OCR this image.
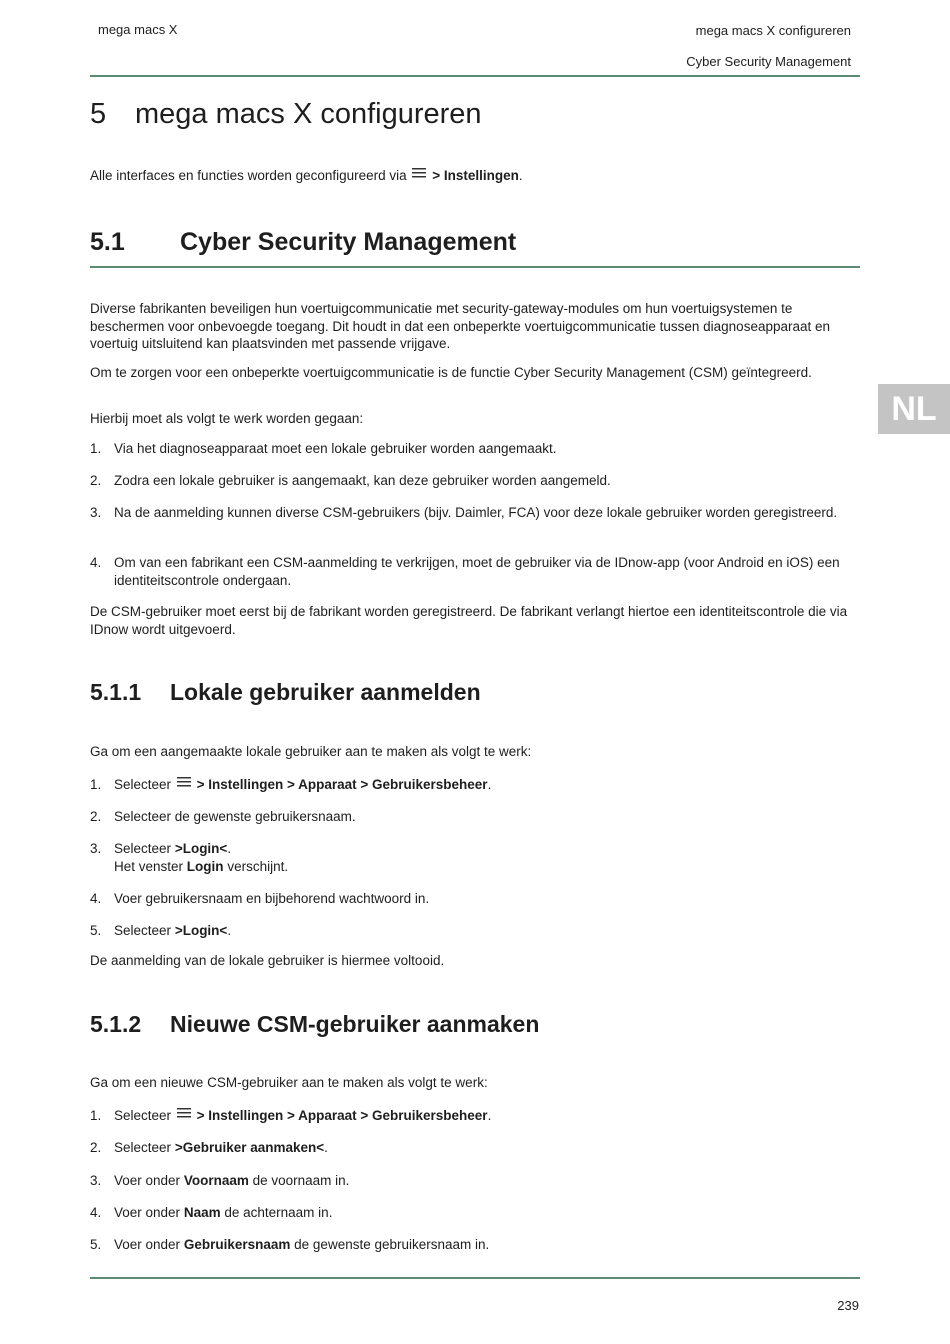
mega macs X	mega macs X configureren
Cyber Security Management
NL
5 mega macs X configureren

Alle interfaces en functies worden geconfigureerd via > Instellingen.

5.1 Cyber Security Management

Diverse fabrikanten beveiligen hun voertuigcommunicatie met security-gateway-modules om hun voertuigsystemen te beschermen voor onbevoegde toegang. Dit houdt in dat een onbeperkte voertuigcommunicatie tussen diagnoseapparaat en voertuig uitsluitend kan plaatsvinden met passende vrijgave.

Om te zorgen voor een onbeperkte voertuigcommunicatie is de functie Cyber Security Management (CSM) geïntegreerd.

Hierbij moet als volgt te werk worden gegaan:

1. Via het diagnoseapparaat moet een lokale gebruiker worden aangemaakt.
2. Zodra een lokale gebruiker is aangemaakt, kan deze gebruiker worden aangemeld.
3. Na de aanmelding kunnen diverse CSM-gebruikers (bijv. Daimler, FCA) voor deze lokale gebruiker worden geregistreerd.
4. Om van een fabrikant een CSM-aanmelding te verkrijgen, moet de gebruiker via de IDnow-app (voor Android en iOS) een identiteitscontrole ondergaan.

De CSM-gebruiker moet eerst bij de fabrikant worden geregistreerd. De fabrikant verlangt hiertoe een identiteitscontrole die via IDnow wordt uitgevoerd.

5.1.1 Lokale gebruiker aanmelden

Ga om een aangemaakte lokale gebruiker aan te maken als volgt te werk:

1. Selecteer > Instellingen > Apparaat > Gebruikersbeheer.
2. Selecteer de gewenste gebruikersnaam.
3. Selecteer >Login<.
Het venster Login verschijnt.
4. Voer gebruikersnaam en bijbehorend wachtwoord in.
5. Selecteer >Login<.

De aanmelding van de lokale gebruiker is hiermee voltooid.

5.1.2 Nieuwe CSM-gebruiker aanmaken

Ga om een nieuwe CSM-gebruiker aan te maken als volgt te werk:

1. Selecteer > Instellingen > Apparaat > Gebruikersbeheer.
2. Selecteer >Gebruiker aanmaken<.
3. Voer onder Voornaam de voornaam in.
4. Voer onder Naam de achternaam in.
5. Voer onder Gebruikersnaam de gewenste gebruikersnaam in.
239
